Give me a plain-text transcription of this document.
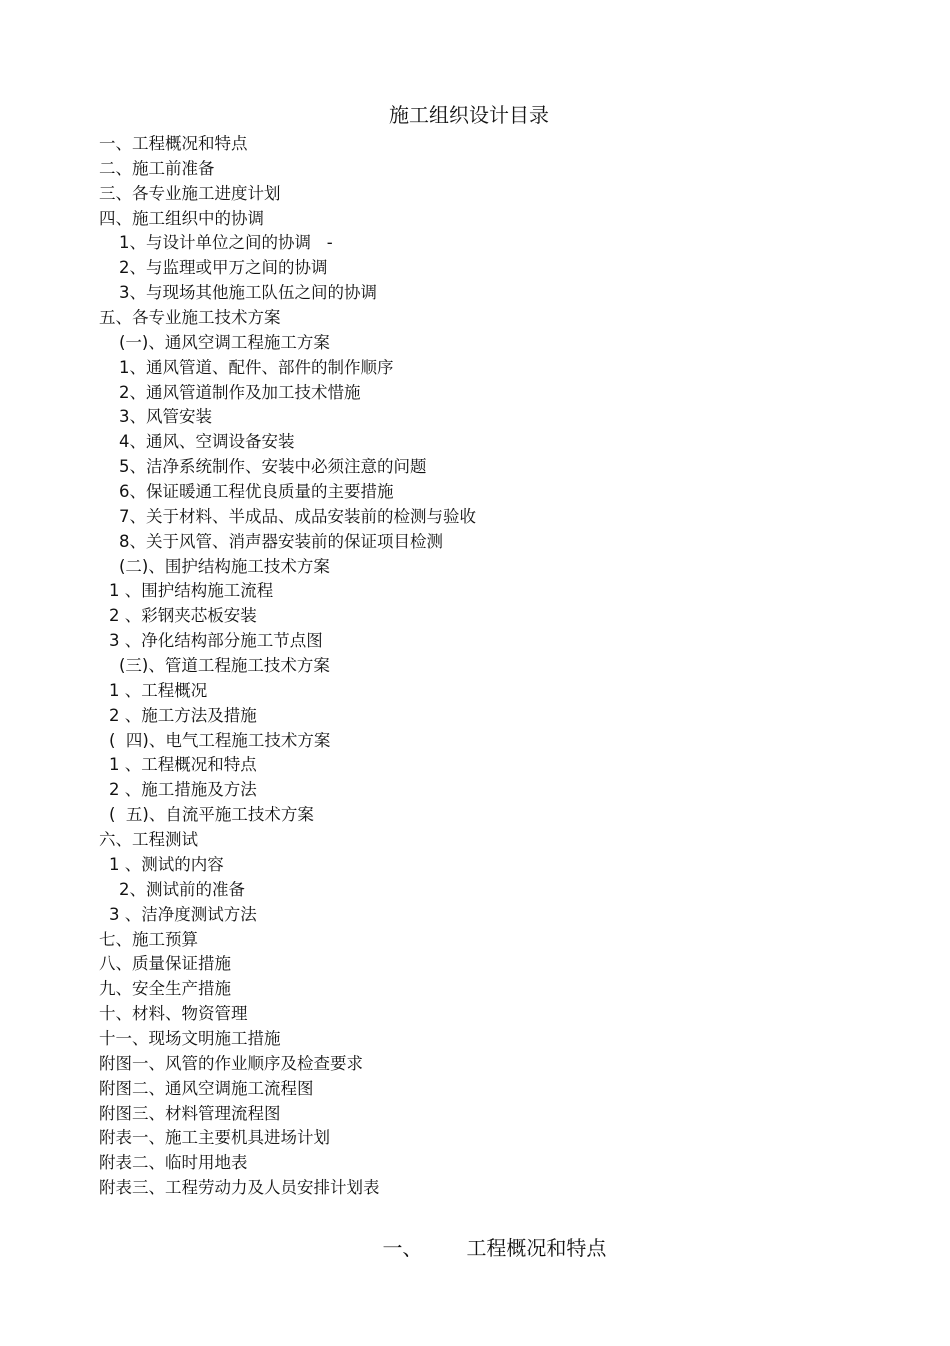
施工组织设计目录
一、工程概况和特点
二、施工前准备
三、各专业施工进度计划
四、施工组织中的协调
1、与设计单位之间的协调   -
2、与监理或甲万之间的协调
3、与现场其他施工队伍之间的协调
五、各专业施工技术方案
(一)、通风空调工程施工方案
1、通风管道、配件、部件的制作顺序
2、通风管道制作及加工技术惜施
3、风管安装
4、通风、空调设备安装
5、洁净系统制作、安装中必须注意的问题
6、保证暖通工程优良质量的主要措施
7、关于材料、半成品、成品安装前的检测与验收
8、关于风管、消声器安装前的保证项目检测
(二)、围护结构施工技术方案
1 、围护结构施工流程
2 、彩钢夹芯板安装
3 、净化结构部分施工节点图
(三)、管道工程施工技术方案
1 、工程概况
2 、施工方法及措施
(  四)、电气工程施工技术方案
1 、工程概况和特点
2 、施工措施及方法
(  五)、自流平施工技术方案
六、工程测试
1 、测试的内容
2、测试前的准备
3 、洁净度测试方法
七、施工预算
八、质量保证措施
九、安全生产措施
十、材料、物资管理
十一、现场文明施工措施
附图一、风管的作业顺序及检查要求
附图二、通风空调施工流程图
附图三、材料管理流程图
附表一、施工主要机具进场计划
附表二、临时用地表
附表三、工程劳动力及人员安排计划表

一、 工程概况和特点
